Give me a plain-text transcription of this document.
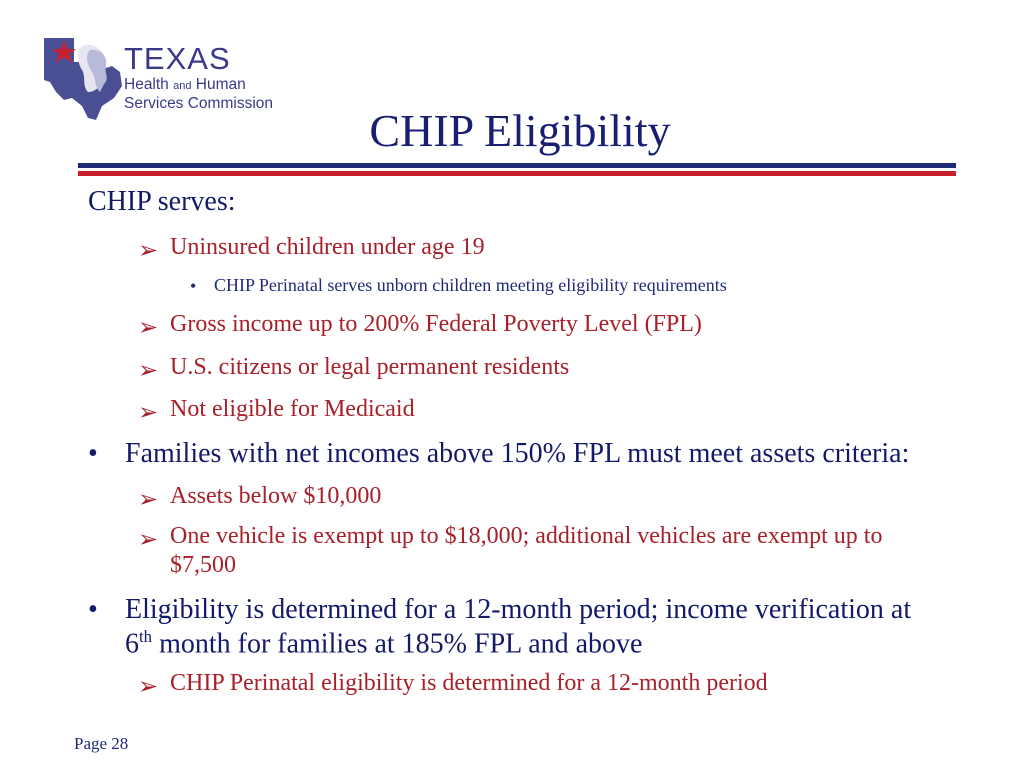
TEXAS
Health and Human
Services Commission
CHIP Eligibility
CHIP serves:
➢ Uninsured children under age 19
• CHIP Perinatal serves unborn children meeting eligibility requirements
➢ Gross income up to 200% Federal Poverty Level (FPL)
➢ U.S. citizens or legal permanent residents
➢ Not eligible for Medicaid
• Families with net incomes above 150% FPL must meet assets criteria:
➢ Assets below $10,000
➢ One vehicle is exempt up to $18,000; additional vehicles are exempt up to
$7,500
• Eligibility is determined for a 12-month period; income verification at
6th month for families at 185% FPL and above
➢ CHIP Perinatal eligibility is determined for a 12-month period
Page 28
